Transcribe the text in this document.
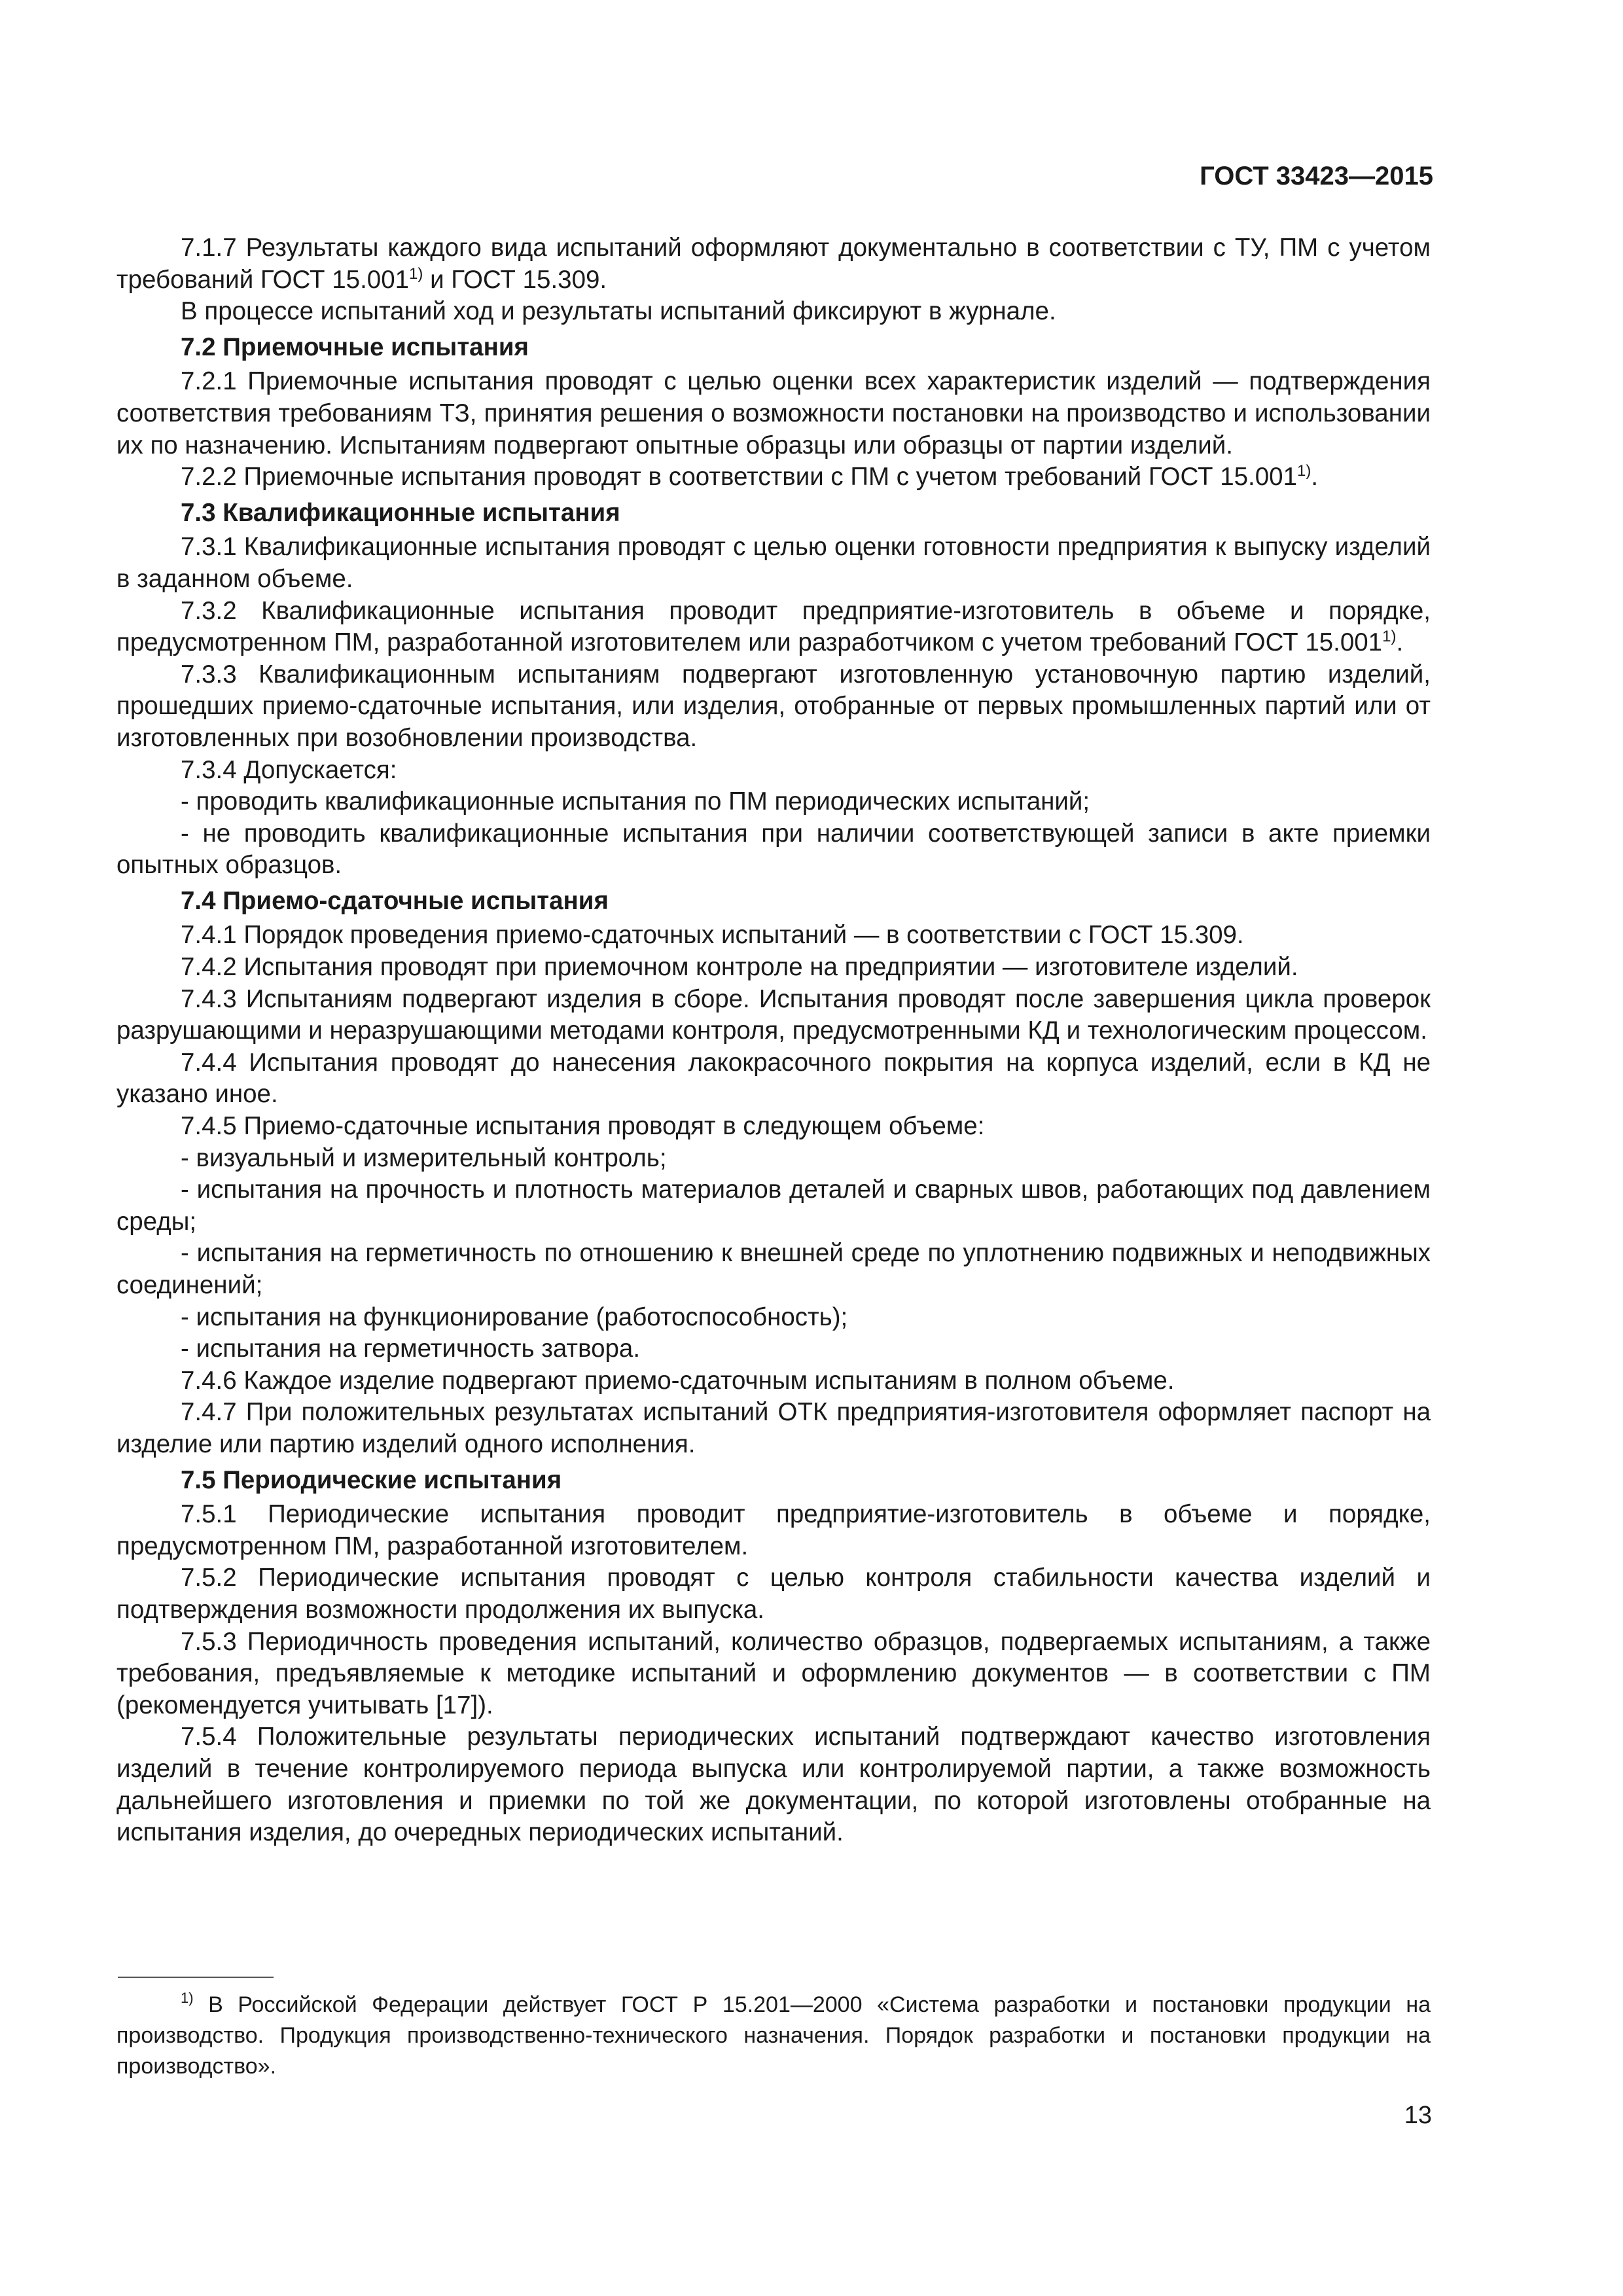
ГОСТ 33423—2015

7.1.7 Результаты каждого вида испытаний оформляют документально в соответствии с ТУ, ПМ с учетом требований ГОСТ 15.001$^{1)}$ и ГОСТ 15.309.

В процессе испытаний ход и результаты испытаний фиксируют в журнале.

7.2 Приемочные испытания

7.2.1 Приемочные испытания проводят с целью оценки всех характеристик изделий — подтверждения соответствия требованиям ТЗ, принятия решения о возможности постановки на производство и использовании их по назначению. Испытаниям подвергают опытные образцы или образцы от партии изделий.

7.2.2 Приемочные испытания проводят в соответствии с ПМ с учетом требований ГОСТ 15.001$^{1)}$.

7.3 Квалификационные испытания

7.3.1 Квалификационные испытания проводят с целью оценки готовности предприятия к выпуску изделий в заданном объеме.

7.3.2 Квалификационные испытания проводит предприятие-изготовитель в объеме и порядке, предусмотренном ПМ, разработанной изготовителем или разработчиком с учетом требований ГОСТ 15.001$^{1)}$.

7.3.3 Квалификационным испытаниям подвергают изготовленную установочную партию изделий, прошедших приемо-сдаточные испытания, или изделия, отобранные от первых промышленных партий или от изготовленных при возобновлении производства.

7.3.4 Допускается:

- проводить квалификационные испытания по ПМ периодических испытаний;

- не проводить квалификационные испытания при наличии соответствующей записи в акте приемки опытных образцов.

7.4 Приемо-сдаточные испытания

7.4.1 Порядок проведения приемо-сдаточных испытаний — в соответствии с ГОСТ 15.309.

7.4.2 Испытания проводят при приемочном контроле на предприятии — изготовителе изделий.

7.4.3 Испытаниям подвергают изделия в сборе. Испытания проводят после завершения цикла проверок разрушающими и неразрушающими методами контроля, предусмотренными КД и технологическим процессом.

7.4.4 Испытания проводят до нанесения лакокрасочного покрытия на корпуса изделий, если в КД не указано иное.

7.4.5 Приемо-сдаточные испытания проводят в следующем объеме:

- визуальный и измерительный контроль;

- испытания на прочность и плотность материалов деталей и сварных швов, работающих под давлением среды;

- испытания на герметичность по отношению к внешней среде по уплотнению подвижных и неподвижных соединений;

- испытания на функционирование (работоспособность);

- испытания на герметичность затвора.

7.4.6 Каждое изделие подвергают приемо-сдаточным испытаниям в полном объеме.

7.4.7 При положительных результатах испытаний ОТК предприятия-изготовителя оформляет паспорт на изделие или партию изделий одного исполнения.

7.5 Периодические испытания

7.5.1 Периодические испытания проводит предприятие-изготовитель в объеме и порядке, предусмотренном ПМ, разработанной изготовителем.

7.5.2 Периодические испытания проводят с целью контроля стабильности качества изделий и подтверждения возможности продолжения их выпуска.

7.5.3 Периодичность проведения испытаний, количество образцов, подвергаемых испытаниям, а также требования, предъявляемые к методике испытаний и оформлению документов — в соответствии с ПМ (рекомендуется учитывать [17]).

7.5.4 Положительные результаты периодических испытаний подтверждают качество изготовления изделий в течение контролируемого периода выпуска или контролируемой партии, а также возможность дальнейшего изготовления и приемки по той же документации, по которой изготовлены отобранные на испытания изделия, до очередных периодических испытаний.

$^{1)}$ В Российской Федерации действует ГОСТ Р 15.201—2000 «Система разработки и постановки продукции на производство. Продукция производственно-технического назначения. Порядок разработки и постановки продукции на производство».

13
